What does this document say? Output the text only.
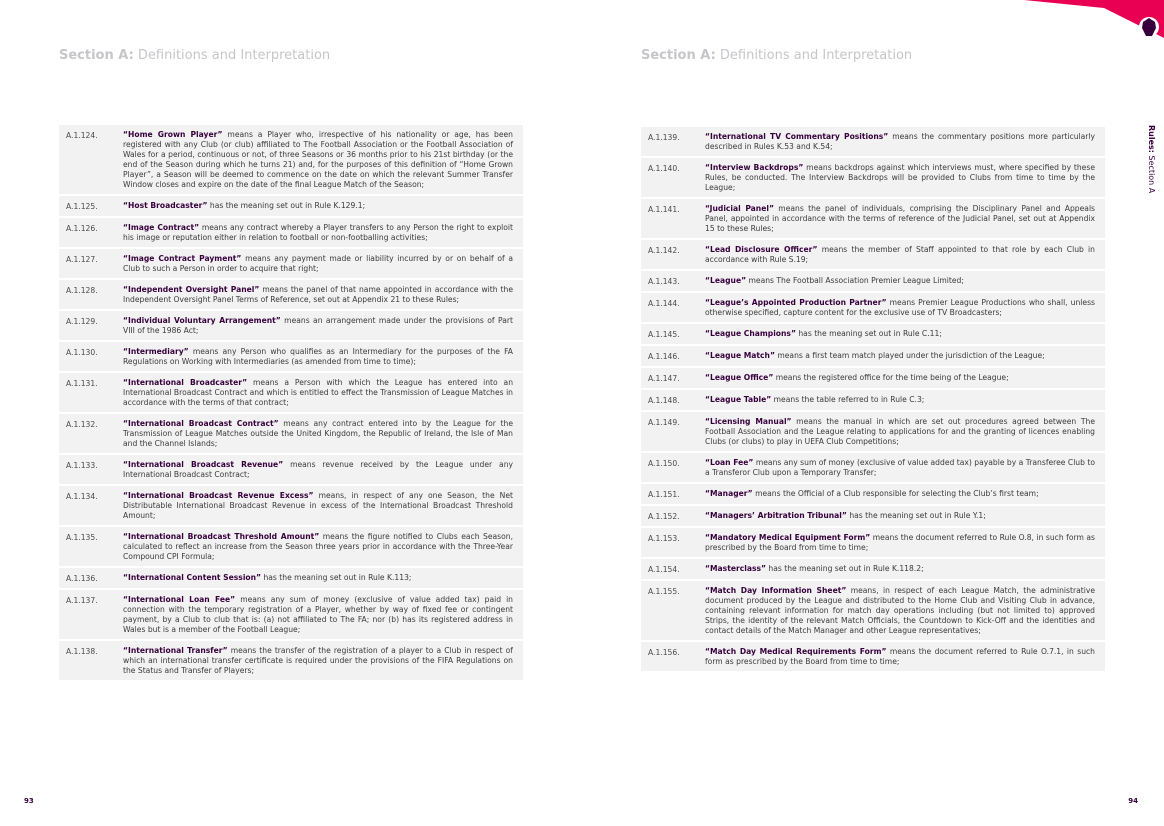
Section A: Definitions and Interpretation
A.1.124.	“Home Grown Player” means a Player who, irrespective of his nationality or age, has been registered with any Club (or club) affiliated to The Football Association or the Football Association of Wales for a period, continuous or not, of three Seasons or 36 months prior to his 21st birthday (or the end of the Season during which he turns 21) and, for the purposes of this definition of “Home Grown Player”, a Season will be deemed to commence on the date on which the relevant Summer Transfer Window closes and expire on the date of the final League Match of the Season;
A.1.125.	“Host Broadcaster” has the meaning set out in Rule K.129.1;
A.1.126.	“Image Contract” means any contract whereby a Player transfers to any Person the right to exploit his image or reputation either in relation to football or non-footballing activities;
A.1.127.	“Image Contract Payment” means any payment made or liability incurred by or on behalf of a Club to such a Person in order to acquire that right;
A.1.128.	“Independent Oversight Panel” means the panel of that name appointed in accordance with the Independent Oversight Panel Terms of Reference, set out at Appendix 21 to these Rules;
A.1.129.	“Individual Voluntary Arrangement” means an arrangement made under the provisions of Part VIII of the 1986 Act;
A.1.130.	“Intermediary” means any Person who qualifies as an Intermediary for the purposes of the FA Regulations on Working with Intermediaries (as amended from time to time);
A.1.131.	“International Broadcaster” means a Person with which the League has entered into an International Broadcast Contract and which is entitled to effect the Transmission of League Matches in accordance with the terms of that contract;
A.1.132.	“International Broadcast Contract” means any contract entered into by the League for the Transmission of League Matches outside the United Kingdom, the Republic of Ireland, the Isle of Man and the Channel Islands;
A.1.133.	“International Broadcast Revenue” means revenue received by the League under any International Broadcast Contract;
A.1.134.	“International Broadcast Revenue Excess” means, in respect of any one Season, the Net Distributable International Broadcast Revenue in excess of the International Broadcast Threshold Amount;
A.1.135.	“International Broadcast Threshold Amount” means the figure notified to Clubs each Season, calculated to reflect an increase from the Season three years prior in accordance with the Three-Year Compound CPI Formula;
A.1.136.	“International Content Session” has the meaning set out in Rule K.113;
A.1.137.	“International Loan Fee” means any sum of money (exclusive of value added tax) paid in connection with the temporary registration of a Player, whether by way of fixed fee or contingent payment, by a Club to club that is: (a) not affiliated to The FA; nor (b) has its registered address in Wales but is a member of the Football League;
A.1.138.	“International Transfer” means the transfer of the registration of a player to a Club in respect of which an international transfer certificate is required under the provisions of the FIFA Regulations on the Status and Transfer of Players;
93
Section A: Definitions and Interpretation
A.1.139.	“International TV Commentary Positions” means the commentary positions more particularly described in Rules K.53 and K.54;
A.1.140.	“Interview Backdrops” means backdrops against which interviews must, where specified by these Rules, be conducted. The Interview Backdrops will be provided to Clubs from time to time by the League;
A.1.141.	“Judicial Panel” means the panel of individuals, comprising the Disciplinary Panel and Appeals Panel, appointed in accordance with the terms of reference of the Judicial Panel, set out at Appendix 15 to these Rules;
A.1.142.	“Lead Disclosure Officer” means the member of Staff appointed to that role by each Club in accordance with Rule S.19;
A.1.143.	“League” means The Football Association Premier League Limited;
A.1.144.	“League’s Appointed Production Partner” means Premier League Productions who shall, unless otherwise specified, capture content for the exclusive use of TV Broadcasters;
A.1.145.	“League Champions” has the meaning set out in Rule C.11;
A.1.146.	“League Match” means a first team match played under the jurisdiction of the League;
A.1.147.	“League Office” means the registered office for the time being of the League;
A.1.148.	“League Table” means the table referred to in Rule C.3;
A.1.149.	“Licensing Manual” means the manual in which are set out procedures agreed between The Football Association and the League relating to applications for and the granting of licences enabling Clubs (or clubs) to play in UEFA Club Competitions;
A.1.150.	“Loan Fee” means any sum of money (exclusive of value added tax) payable by a Transferee Club to a Transferor Club upon a Temporary Transfer;
A.1.151.	“Manager” means the Official of a Club responsible for selecting the Club’s first team;
A.1.152.	“Managers’ Arbitration Tribunal” has the meaning set out in Rule Y.1;
A.1.153.	“Mandatory Medical Equipment Form” means the document referred to Rule O.8, in such form as prescribed by the Board from time to time;
A.1.154.	“Masterclass” has the meaning set out in Rule K.118.2;
A.1.155.	“Match Day Information Sheet” means, in respect of each League Match, the administrative document produced by the League and distributed to the Home Club and Visiting Club in advance, containing relevant information for match day operations including (but not limited to) approved Strips, the identity of the relevant Match Officials, the Countdown to Kick-Off and the identities and contact details of the Match Manager and other League representatives;
A.1.156.	“Match Day Medical Requirements Form” means the document referred to Rule O.7.1, in such form as prescribed by the Board from time to time;
94
Rules: Section A
